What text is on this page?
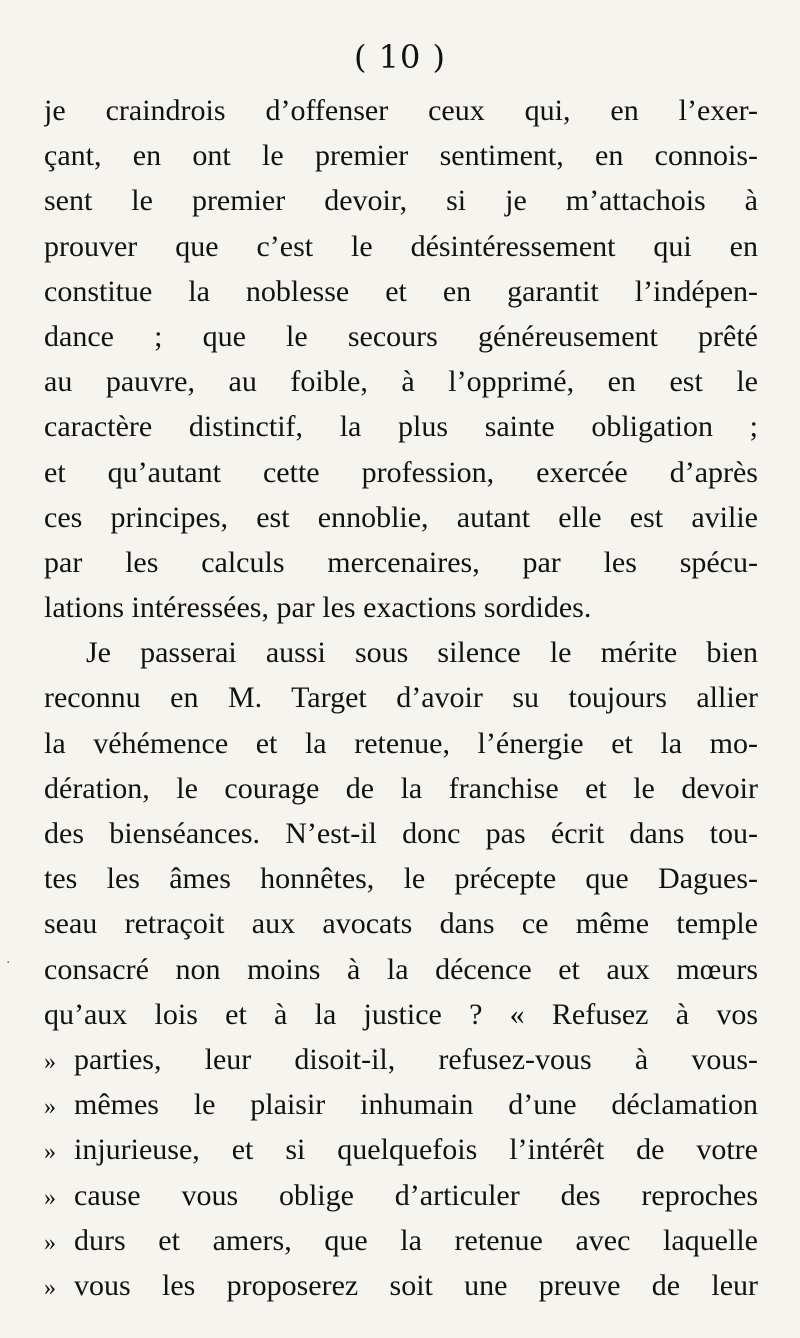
( 10 )
je craindrois d’offenser ceux qui, en l’exer-
çant, en ont le premier sentiment, en connois-
sent le premier devoir, si je m’attachois à
prouver que c’est le désintéressement qui en
constitue la noblesse et en garantit l’indépen-
dance ; que le secours généreusement prêté
au pauvre, au foible, à l’opprimé, en est le
caractère distinctif, la plus sainte obligation ;
et qu’autant cette profession, exercée d’après
ces principes, est ennoblie, autant elle est avilie
par les calculs mercenaires, par les spécu-
lations intéressées, par les exactions sordides.
Je passerai aussi sous silence le mérite bien
reconnu en M. Target d’avoir su toujours allier
la véhémence et la retenue, l’énergie et la mo-
dération, le courage de la franchise et le devoir
des bienséances. N’est-il donc pas écrit dans tou-
tes les âmes honnêtes, le précepte que Dagues-
seau retraçoit aux avocats dans ce même temple
consacré non moins à la décence et aux mœurs
qu’aux lois et à la justice ? « Refusez à vos
» parties, leur disoit-il, refusez-vous à vous-
» mêmes le plaisir inhumain d’une déclamation
» injurieuse, et si quelquefois l’intérêt de votre
» cause vous oblige d’articuler des reproches
» durs et amers, que la retenue avec laquelle
» vous les proposerez soit une preuve de leur
·
